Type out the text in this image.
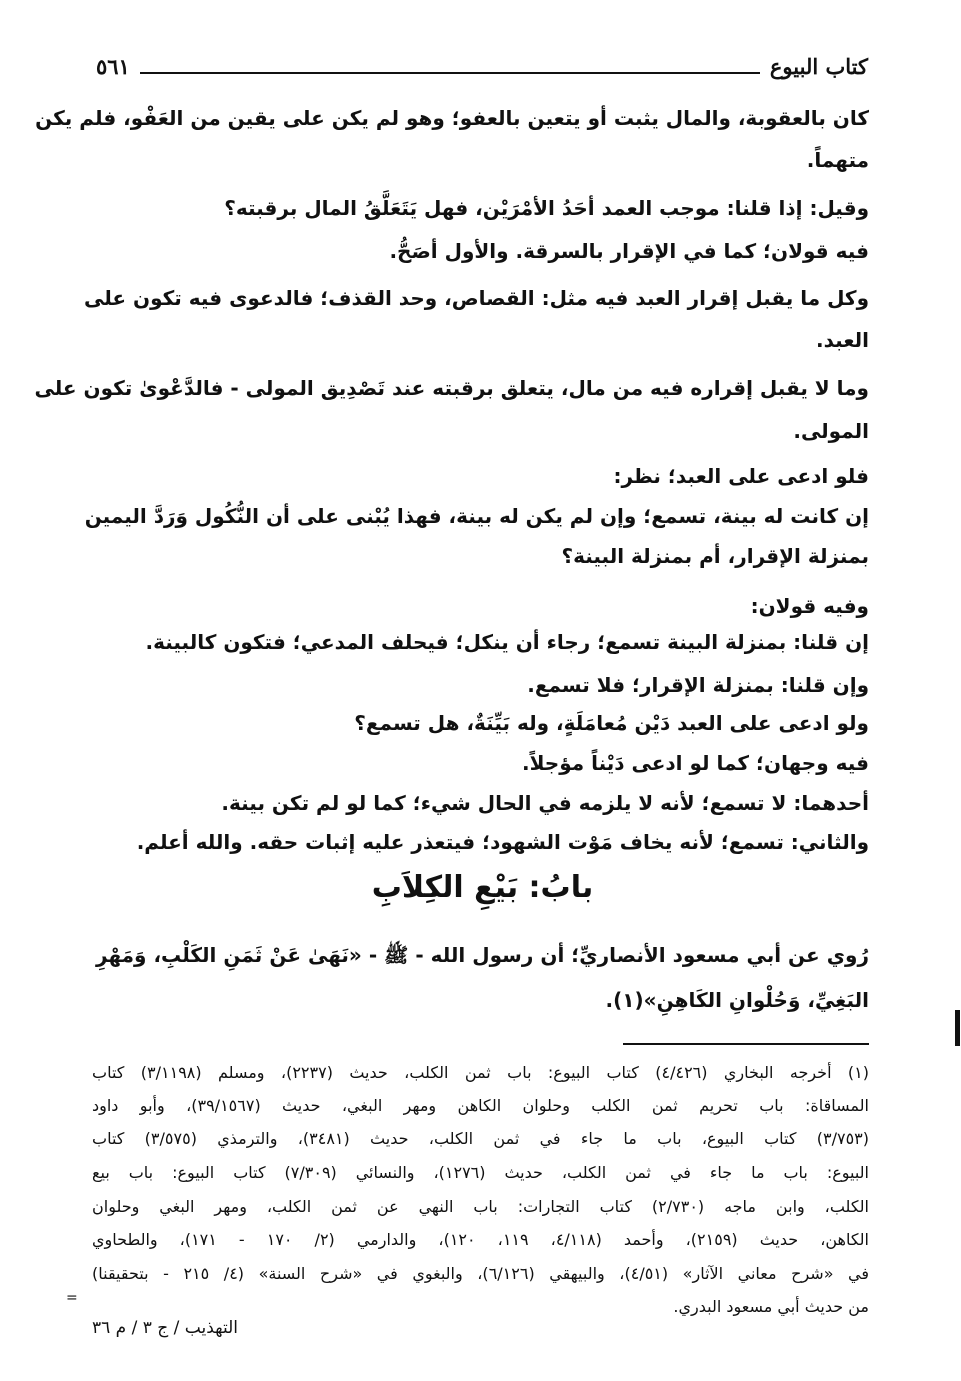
كتاب البيوع
٥٦١
كان بالعقوبة، والمال يثبت أو يتعين بالعفو؛ وهو لم يكن على يقين من العَفْو، فلم يكن
متهماً.
وقيل: إذا قلنا: موجب العمد أحَدُ الأمْرَيْن، فهل يَتَعَلَّقُ المال برقبته؟
فيه قولان؛ كما في الإقرار بالسرقة. والأول أصَحُّ.
وكل ما يقبل إقرار العبد فيه مثل: القصاص، وحد القذف؛ فالدعوى فيه تكون على
العبد.
وما لا يقبل إقراره فيه من مال، يتعلق برقبته عند تَصْدِيق المولى - فالدَّعْوىٰ تكون على
المولى.
فلو ادعى على العبد؛ نظر:
إن كانت له بينة، تسمع؛ وإن لم يكن له بينة، فهذا يُبْنى على أن النُّكُول وَرَدَّ اليمين
بمنزلة الإقرار، أم بمنزلة البينة؟
وفيه قولان:
إن قلنا: بمنزلة البينة تسمع؛ رجاء أن ينكل؛ فيحلف المدعي؛ فتكون كالبينة.
وإن قلنا: بمنزلة الإقرار؛ فلا تسمع.
ولو ادعى على العبد دَيْن مُعامَلَةٍ، وله بَيِّنَةٌ، هل تسمع؟
فيه وجهان؛ كما لو ادعى دَيْناً مؤجلاً.
أحدهما: لا تسمع؛ لأنه لا يلزمه في الحال شيء؛ كما لو لم تكن بينة.
والثاني: تسمع؛ لأنه يخاف مَوْت الشهود؛ فيتعذر عليه إثبات حقه. والله أعلم.
بابُ: بَيْعِ الكِلاَبِ
رُوي عن أبي مسعود الأنصاريِّ؛ أن رسول الله - ﷺ - «نَهَىٰ عَنْ ثَمَنِ الكَلْبِ، وَمَهْرِ
البَغِيِّ، وَحُلْوانِ الكَاهِنِ»(١).
(١) أخرجه البخاري (٤/٤٢٦) كتاب البيوع: باب ثمن الكلب، حديث (٢٢٣٧)، ومسلم (٣/١١٩٨) كتاب
المساقاة: باب تحريم ثمن الكلب وحلوان الكاهن ومهر البغي، حديث (٣٩/١٥٦٧)، وأبو داود
(٣/٧٥٣) كتاب البيوع، باب ما جاء في ثمن الكلب، حديث (٣٤٨١)، والترمذي (٣/٥٧٥) كتاب
البيوع: باب ما جاء في ثمن الكلب، حديث (١٢٧٦)، والنسائي (٧/٣٠٩) كتاب البيوع: باب بيع
الكلب، وابن ماجه (٢/٧٣٠) كتاب التجارات: باب النهي عن ثمن الكلب، ومهر البغي وحلوان
الكاهن، حديث (٢١٥٩)، وأحمد (٤/١١٨، ١١٩، ١٢٠)، والدارمي (٢/ ١٧٠ - ١٧١)، والطحاوي
في «شرح معاني الآثار» (٤/٥١)، والبيهقي (٦/١٢٦)، والبغوي في «شرح السنة» (٤/ ٢١٥ - بتحقيقنا)
من حديث أبي مسعود البدري.
=
التهذيب / ج ٣ / م ٣٦
